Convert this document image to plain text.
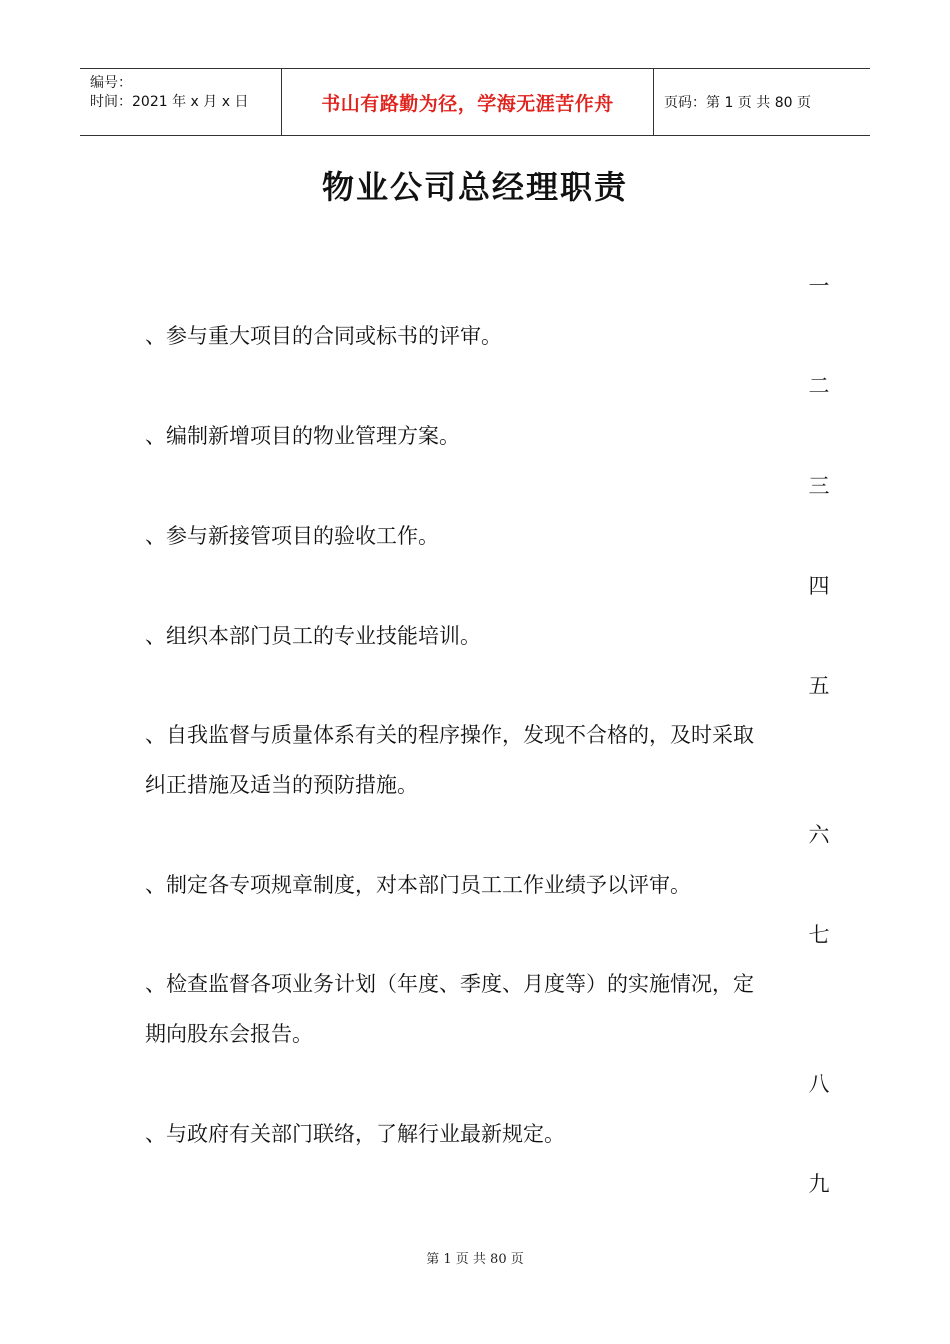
编号：
时间：2021 年 x 月 x 日	书山有路勤为径，学海无涯苦作舟	页码：第 1 页 共 80 页
物业公司总经理职责
一
、参与重大项目的合同或标书的评审。
二
、编制新增项目的物业管理方案。
三
、参与新接管项目的验收工作。
四
、组织本部门员工的专业技能培训。
五
、自我监督与质量体系有关的程序操作，发现不合格的，及时采取
纠正措施及适当的预防措施。
六
、制定各专项规章制度，对本部门员工工作业绩予以评审。
七
、检查监督各项业务计划（年度、季度、月度等）的实施情况，定
期向股东会报告。
八
、与政府有关部门联络，了解行业最新规定。
九
第 1 页 共 80 页
